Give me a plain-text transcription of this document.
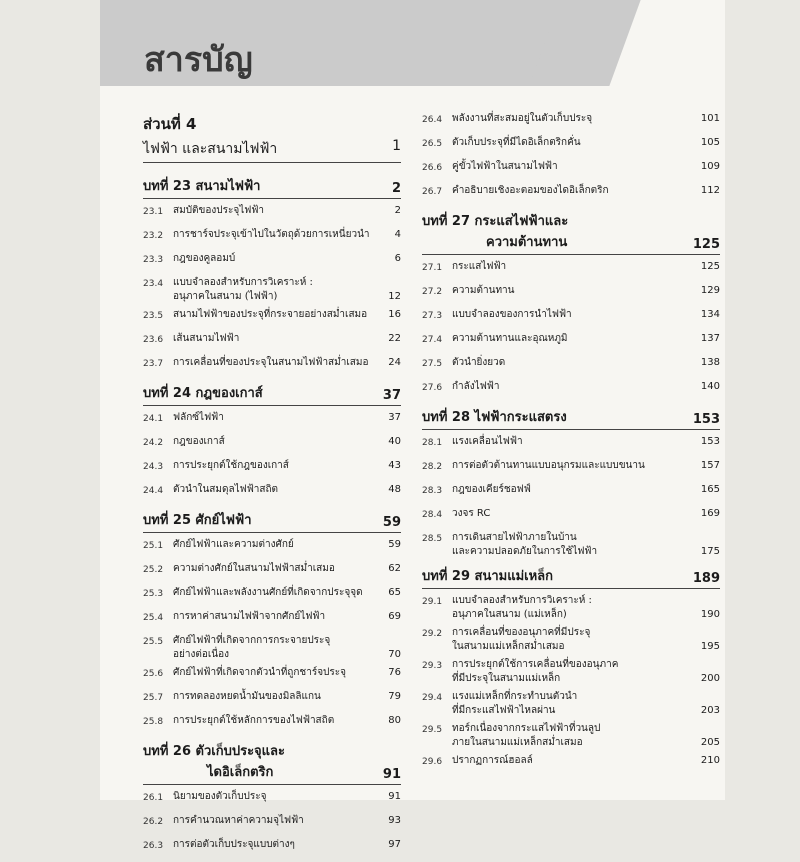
สารบัญ
ส่วนที่ 4
ไฟฟ้า และสนามไฟฟ้า	1
บทที่ 23 สนามไฟฟ้า	2
23.1 สมบัติของประจุไฟฟ้า	2
23.2 การชาร์จประจุเข้าไปในวัตถุด้วยการเหนี่ยวนำ	4
23.3 กฎของคูลอมบ์	6
23.4 แบบจำลองสำหรับการวิเคราะห์ :
อนุภาคในสนาม (ไฟฟ้า)	12
23.5 สนามไฟฟ้าของประจุที่กระจายอย่างสม่ำเสมอ	16
23.6 เส้นสนามไฟฟ้า	22
23.7 การเคลื่อนที่ของประจุในสนามไฟฟ้าสม่ำเสมอ	24
บทที่ 24 กฎของเกาส์	37
24.1 ฟลักซ์ไฟฟ้า	37
24.2 กฎของเกาส์	40
24.3 การประยุกต์ใช้กฎของเกาส์	43
24.4 ตัวนำในสมดุลไฟฟ้าสถิต	48
บทที่ 25 ศักย์ไฟฟ้า	59
25.1 ศักย์ไฟฟ้าและความต่างศักย์	59
25.2 ความต่างศักย์ในสนามไฟฟ้าสม่ำเสมอ	62
25.3 ศักย์ไฟฟ้าและพลังงานศักย์ที่เกิดจากประจุจุด	65
25.4 การหาค่าสนามไฟฟ้าจากศักย์ไฟฟ้า	69
25.5 ศักย์ไฟฟ้าที่เกิดจากการกระจายประจุ
อย่างต่อเนื่อง	70
25.6 ศักย์ไฟฟ้าที่เกิดจากตัวนำที่ถูกชาร์จประจุ	76
25.7 การทดลองหยดน้ำมันของมิลลิแกน	79
25.8 การประยุกต์ใช้หลักการของไฟฟ้าสถิต	80
บทที่ 26 ตัวเก็บประจุและ
ไดอิเล็กตริก	91
26.1 นิยามของตัวเก็บประจุ	91
26.2 การคำนวณหาค่าความจุไฟฟ้า	93
26.3 การต่อตัวเก็บประจุแบบต่างๆ	97
26.4 พลังงานที่สะสมอยู่ในตัวเก็บประจุ	101
26.5 ตัวเก็บประจุที่มีไดอิเล็กตริกคั่น	105
26.6 คู่ขั้วไฟฟ้าในสนามไฟฟ้า	109
26.7 คำอธิบายเชิงอะตอมของไดอิเล็กตริก	112
บทที่ 27 กระแสไฟฟ้าและ
ความต้านทาน	125
27.1 กระแสไฟฟ้า	125
27.2 ความต้านทาน	129
27.3 แบบจำลองของการนำไฟฟ้า	134
27.4 ความต้านทานและอุณหภูมิ	137
27.5 ตัวนำยิ่งยวด	138
27.6 กำลังไฟฟ้า	140
บทที่ 28 ไฟฟ้ากระแสตรง	153
28.1 แรงเคลื่อนไฟฟ้า	153
28.2 การต่อตัวต้านทานแบบอนุกรมและแบบขนาน	157
28.3 กฎของเคียร์ชอฟฟ์	165
28.4 วงจร RC	169
28.5 การเดินสายไฟฟ้าภายในบ้าน
และความปลอดภัยในการใช้ไฟฟ้า	175
บทที่ 29 สนามแม่เหล็ก	189
29.1 แบบจำลองสำหรับการวิเคราะห์ :
อนุภาคในสนาม (แม่เหล็ก)	190
29.2 การเคลื่อนที่ของอนุภาคที่มีประจุ
ในสนามแม่เหล็กสม่ำเสมอ	195
29.3 การประยุกต์ใช้การเคลื่อนที่ของอนุภาค
ที่มีประจุในสนามแม่เหล็ก	200
29.4 แรงแม่เหล็กที่กระทำบนตัวนำ
ที่มีกระแสไฟฟ้าไหลผ่าน	203
29.5 ทอร์กเนื่องจากกระแสไฟฟ้าที่วนลูป
ภายในสนามแม่เหล็กสม่ำเสมอ	205
29.6 ปรากฏการณ์ฮอลล์	210
